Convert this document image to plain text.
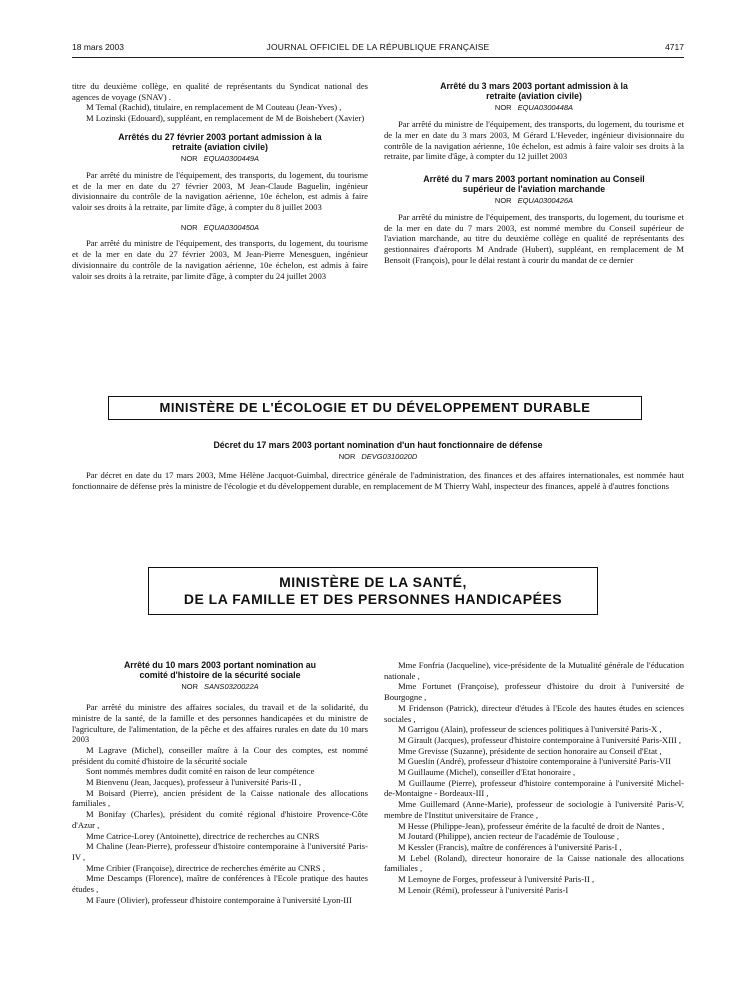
18 mars 2003	JOURNAL OFFICIEL DE LA RÉPUBLIQUE FRANÇAISE	4717

titre du deuxième collège, en qualité de représentants du Syndicat national des agences de voyage (SNAV) .

M Temal (Rachid), titulaire, en remplacement de M Couteau (Jean-Yves) ,

M Lozinski (Edouard), suppléant, en remplacement de M de Boishebert (Xavier)

Arrêtés du 27 février 2003 portant admission à la retraite (aviation civile)
NOR EQUA0300449A

Par arrêté du ministre de l'équipement, des transports, du logement, du tourisme et de la mer en date du 27 février 2003, M Jean-Claude Baguelin, ingénieur divisionnaire du contrôle de la navigation aérienne, 10e échelon, est admis à faire valoir ses droits à la retraite, par limite d'âge, à compter du 8 juillet 2003

NOR EQUA0300450A

Par arrêté du ministre de l'équipement, des transports, du logement, du tourisme et de la mer en date du 27 février 2003, M Jean-Pierre Menesguen, ingénieur divisionnaire du contrôle de la navigation aérienne, 10e échelon, est admis à faire valoir ses droits à la retraite, par limite d'âge, à compter du 24 juillet 2003

Arrêté du 3 mars 2003 portant admission à la retraite (aviation civile)
NOR EQUA0300448A

Par arrêté du ministre de l'équipement, des transports, du logement, du tourisme et de la mer en date du 3 mars 2003, M Gérard L'Heveder, ingénieur divisionnaire du contrôle de la navigation aérienne, 10e échelon, est admis à faire valoir ses droits à la retraite, par limite d'âge, à compter du 12 juillet 2003

Arrêté du 7 mars 2003 portant nomination au Conseil supérieur de l'aviation marchande
NOR EQUA0300426A

Par arrêté du ministre de l'équipement, des transports, du logement, du tourisme et de la mer en date du 7 mars 2003, est nommé membre du Conseil supérieur de l'aviation marchande, au titre du deuxième collège en qualité de représentants des gestionnaires d'aéroports M Andrade (Hubert), suppléant, en remplacement de M Bensoit (François), pour le délai restant à courir du mandat de ce dernier

MINISTÈRE DE L'ÉCOLOGIE ET DU DÉVELOPPEMENT DURABLE
Décret du 17 mars 2003 portant nomination d'un haut fonctionnaire de défense
NOR DEVG0310020D

Par décret en date du 17 mars 2003, Mme Hélène Jacquot-Guimbal, directrice générale de l'administration, des finances et des affaires internationales, est nommée haut fonctionnaire de défense près la ministre de l'écologie et du développement durable, en remplacement de M Thierry Wahl, inspecteur des finances, appelé à d'autres fonctions

MINISTÈRE DE LA SANTÉ,
DE LA FAMILLE ET DES PERSONNES HANDICAPÉES
Arrêté du 10 mars 2003 portant nomination au comité d'histoire de la sécurité sociale
NOR SANS0320022A

Par arrêté du ministre des affaires sociales, du travail et de la solidarité, du ministre de la santé, de la famille et des personnes handicapées et du ministre de l'agriculture, de l'alimentation, de la pêche et des affaires rurales en date du 10 mars 2003

M Lagrave (Michel), conseiller maître à la Cour des comptes, est nommé président du comité d'histoire de la sécurité sociale

Sont nommés membres dudit comité en raison de leur compétence

M Bienvenu (Jean, Jacques), professeur à l'université Paris-II ,

M Boisard (Pierre), ancien président de la Caisse nationale des allocations familiales ,

M Bonifay (Charles), président du comité régional d'histoire Provence-Côte d'Azur ,

Mme Catrice-Lorey (Antoinette), directrice de recherches au CNRS

M Chaline (Jean-Pierre), professeur d'histoire contemporaine à l'université Paris-IV ,

Mme Cribier (Françoise), directrice de recherches émérite au CNRS ,

Mme Descamps (Florence), maître de conférences à l'Ecole pratique des hautes études ,

M Faure (Olivier), professeur d'histoire contemporaine à l'université Lyon-III

Mme Fonfria (Jacqueline), vice-présidente de la Mutualité générale de l'éducation nationale ,

Mme Fortunet (Françoise), professeur d'histoire du droit à l'université de Bourgogne ,

M Fridenson (Patrick), directeur d'études à l'Ecole des hautes études en sciences sociales ,

M Garrigou (Alain), professeur de sciences politiques à l'université Paris-X ,

M Girault (Jacques), professeur d'histoire contemporaine à l'université Paris-XIII ,

Mme Grevisse (Suzanne), présidente de section honoraire au Conseil d'Etat ,

M Gueslin (André), professeur d'histoire contemporaine à l'université Paris-VII

M Guillaume (Michel), conseiller d'Etat honoraire ,

M Guillaume (Pierre), professeur d'histoire contemporaine à l'université Michel-de-Montaigne - Bordeaux-III ,

Mme Guillemard (Anne-Marie), professeur de sociologie à l'université Paris-V, membre de l'Institut universitaire de France ,

M Hesse (Philippe-Jean), professeur émérite de la faculté de droit de Nantes ,

M Joutard (Philippe), ancien recteur de l'académie de Toulouse ,

M Kessler (Francis), maître de conférences à l'université Paris-I ,

M Lebel (Roland), directeur honoraire de la Caisse nationale des allocations familiales ,

M Lemoyne de Forges, professeur à l'université Paris-II ,

M Lenoir (Rémi), professeur à l'université Paris-I
